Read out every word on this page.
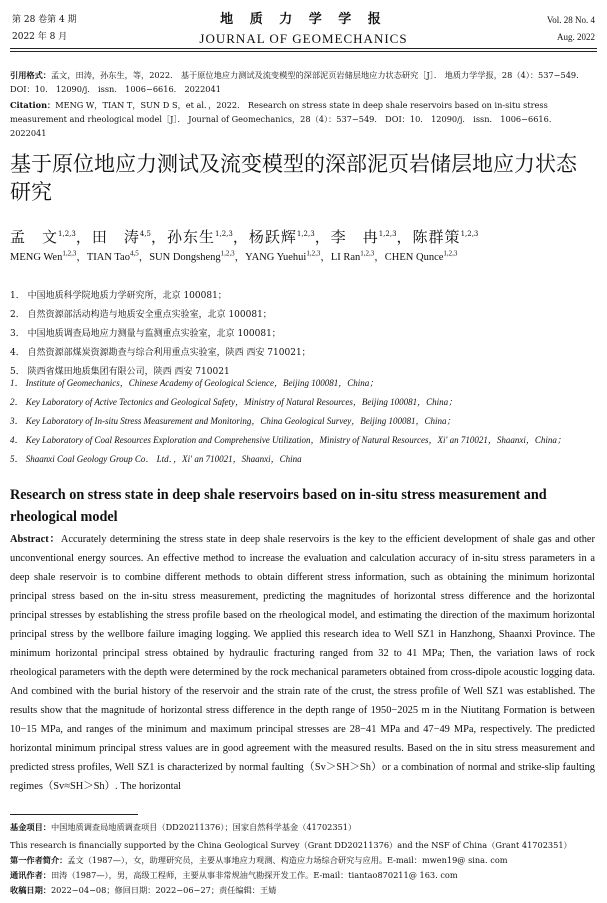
第 28 卷第 4 期
2022 年 8 月
地 质 力 学 学 报
JOURNAL OF GEOMECHANICS
Vol. 28 No. 4
Aug. 2022
引用格式：孟文，田涛，孙东生，等，2022． 基于原位地应力测试及流变模型的深部泥页岩储层地应力状态研究［J］． 地质力学学报，28（4）：537−549． DOI：10． 12090/j． issn． 1006−6616． 2022041
Citation：MENG W，TIAN T，SUN D S，et al．，2022． Research on stress state in deep shale reservoirs based on in-situ stress measurement and rheological model［J］． Journal of Geomechanics，28（4）：537−549． DOI：10． 12090/j． issn． 1006−6616． 2022041
基于原位地应力测试及流变模型的深部泥页岩储层地应力状态研究
孟　文$^{1,2,3}$，田　涛$^{4,5}$，孙东生$^{1,2,3}$，杨跃辉$^{1,2,3}$，李　冉$^{1,2,3}$，陈群策$^{1,2,3}$
MENG Wen$^{1,2,3}$，TIAN Tao$^{4,5}$，SUN Dongsheng$^{1,2,3}$，YANG Yuehui$^{1,2,3}$，LI Ran$^{1,2,3}$，CHEN Qunce$^{1,2,3}$
1． 中国地质科学院地质力学研究所，北京 100081；
2． 自然资源部活动构造与地质安全重点实验室，北京 100081；
3． 中国地质调查局地应力测量与监测重点实验室，北京 100081；
4． 自然资源部煤炭资源勘查与综合利用重点实验室，陕西 西安 710021；
5． 陕西省煤田地质集团有限公司，陕西 西安 710021
1． Institute of Geomechanics，Chinese Academy of Geological Science，Beijing 100081，China；
2． Key Laboratory of Active Tectonics and Geological Safety，Ministry of Natural Resources，Beijing 100081，China；
3． Key Laboratory of In-situ Stress Measurement and Monitoring，China Geological Survey，Beijing 100081，China；
4． Key Laboratory of Coal Resources Exploration and Comprehensive Utilization，Ministry of Natural Resources，Xi' an 710021，Shaanxi，China；
5． Shaanxi Coal Geology Group Co． Ltd．，Xi' an 710021，Shaanxi，China
Research on stress state in deep shale reservoirs based on in-situ stress measurement and rheological model
Abstract：Accurately determining the stress state in deep shale reservoirs is the key to the efficient development of shale gas and other unconventional energy sources. An effective method to increase the evaluation and calculation accuracy of in-situ stress parameters in a deep shale reservoir is to combine different methods to obtain different stress information, such as obtaining the minimum horizontal principal stress based on the in-situ stress measurement, predicting the magnitudes of horizontal stress difference and the horizontal principal stresses by establishing the stress profile based on the rheological model, and estimating the direction of the maximum horizontal principal stress by the wellbore failure imaging logging. We applied this research idea to Well SZ1 in Hanzhong, Shaanxi Province. The minimum horizontal principal stress obtained by hydraulic fracturing ranged from 32 to 41 MPa; Then, the variation laws of rock rheological parameters with the depth were determined by the rock mechanical parameters obtained from cross-dipole acoustic logging data. And combined with the burial history of the reservoir and the strain rate of the crust, the stress profile of Well SZ1 was established. The results show that the magnitude of horizontal stress difference in the depth range of 1950−2025 m in the Niutitang Formation is between 10−15 MPa, and ranges of the minimum and maximum principal stresses are 28−41 MPa and 47−49 MPa, respectively. The predicted horizontal minimum principal stress values are in good agreement with the measured results. Based on the in situ stress measurement and predicted stress profiles, Well SZ1 is characterized by normal faulting（Sv＞SH＞Sh）or a combination of normal and strike-slip faulting regimes（Sv≈SH＞Sh）. The horizontal
基金项目：中国地质调查局地质调查项目（DD20211376）；国家自然科学基金（41702351）
This research is financially supported by the China Geological Survey（Grant DD20211376）and the NSF of China（Grant 41702351）
第一作者简介：孟文（1987—），女，助理研究员，主要从事地应力观测、构造应力场综合研究与应用。E-mail：mwen19@ sina. com
通讯作者：田涛（1987—），男，高级工程师，主要从事非常规油气勘探开发工作。E-mail：tiantao870211@ 163. com
收稿日期：2022−04−08；修回日期：2022−06−27；责任编辑：王婧
